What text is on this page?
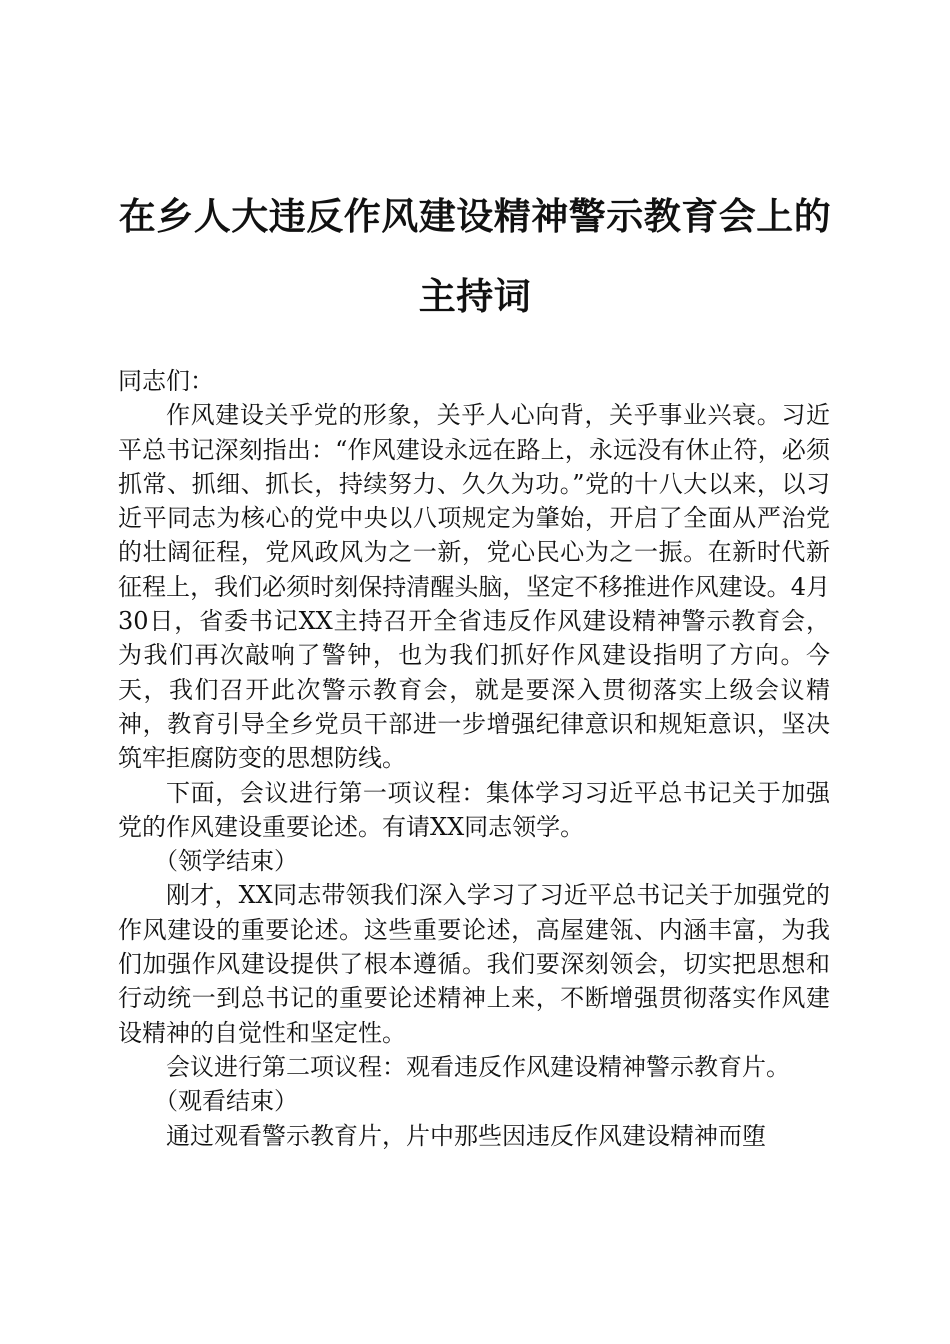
在乡人大违反作风建设精神警示教育会上的主持词

同志们：

作风建设关乎党的形象，关乎人心向背，关乎事业兴衰。习近平总书记深刻指出：“作风建设永远在路上，永远没有休止符，必须抓常、抓细、抓长，持续努力、久久为功。”党的十八大以来，以习近平同志为核心的党中央以八项规定为肇始，开启了全面从严治党的壮阔征程，党风政风为之一新，党心民心为之一振。在新时代新征程上，我们必须时刻保持清醒头脑，坚定不移推进作风建设。4月30日，省委书记XX主持召开全省违反作风建设精神警示教育会，为我们再次敲响了警钟，也为我们抓好作风建设指明了方向。今天，我们召开此次警示教育会，就是要深入贯彻落实上级会议精神，教育引导全乡党员干部进一步增强纪律意识和规矩意识，坚决筑牢拒腐防变的思想防线。

下面，会议进行第一项议程：集体学习习近平总书记关于加强党的作风建设重要论述。有请XX同志领学。

（领学结束）

刚才，XX同志带领我们深入学习了习近平总书记关于加强党的作风建设的重要论述。这些重要论述，高屋建瓴、内涵丰富，为我们加强作风建设提供了根本遵循。我们要深刻领会，切实把思想和行动统一到总书记的重要论述精神上来，不断增强贯彻落实作风建设精神的自觉性和坚定性。

会议进行第二项议程：观看违反作风建设精神警示教育片。

（观看结束）

通过观看警示教育片，片中那些因违反作风建设精神而堕
